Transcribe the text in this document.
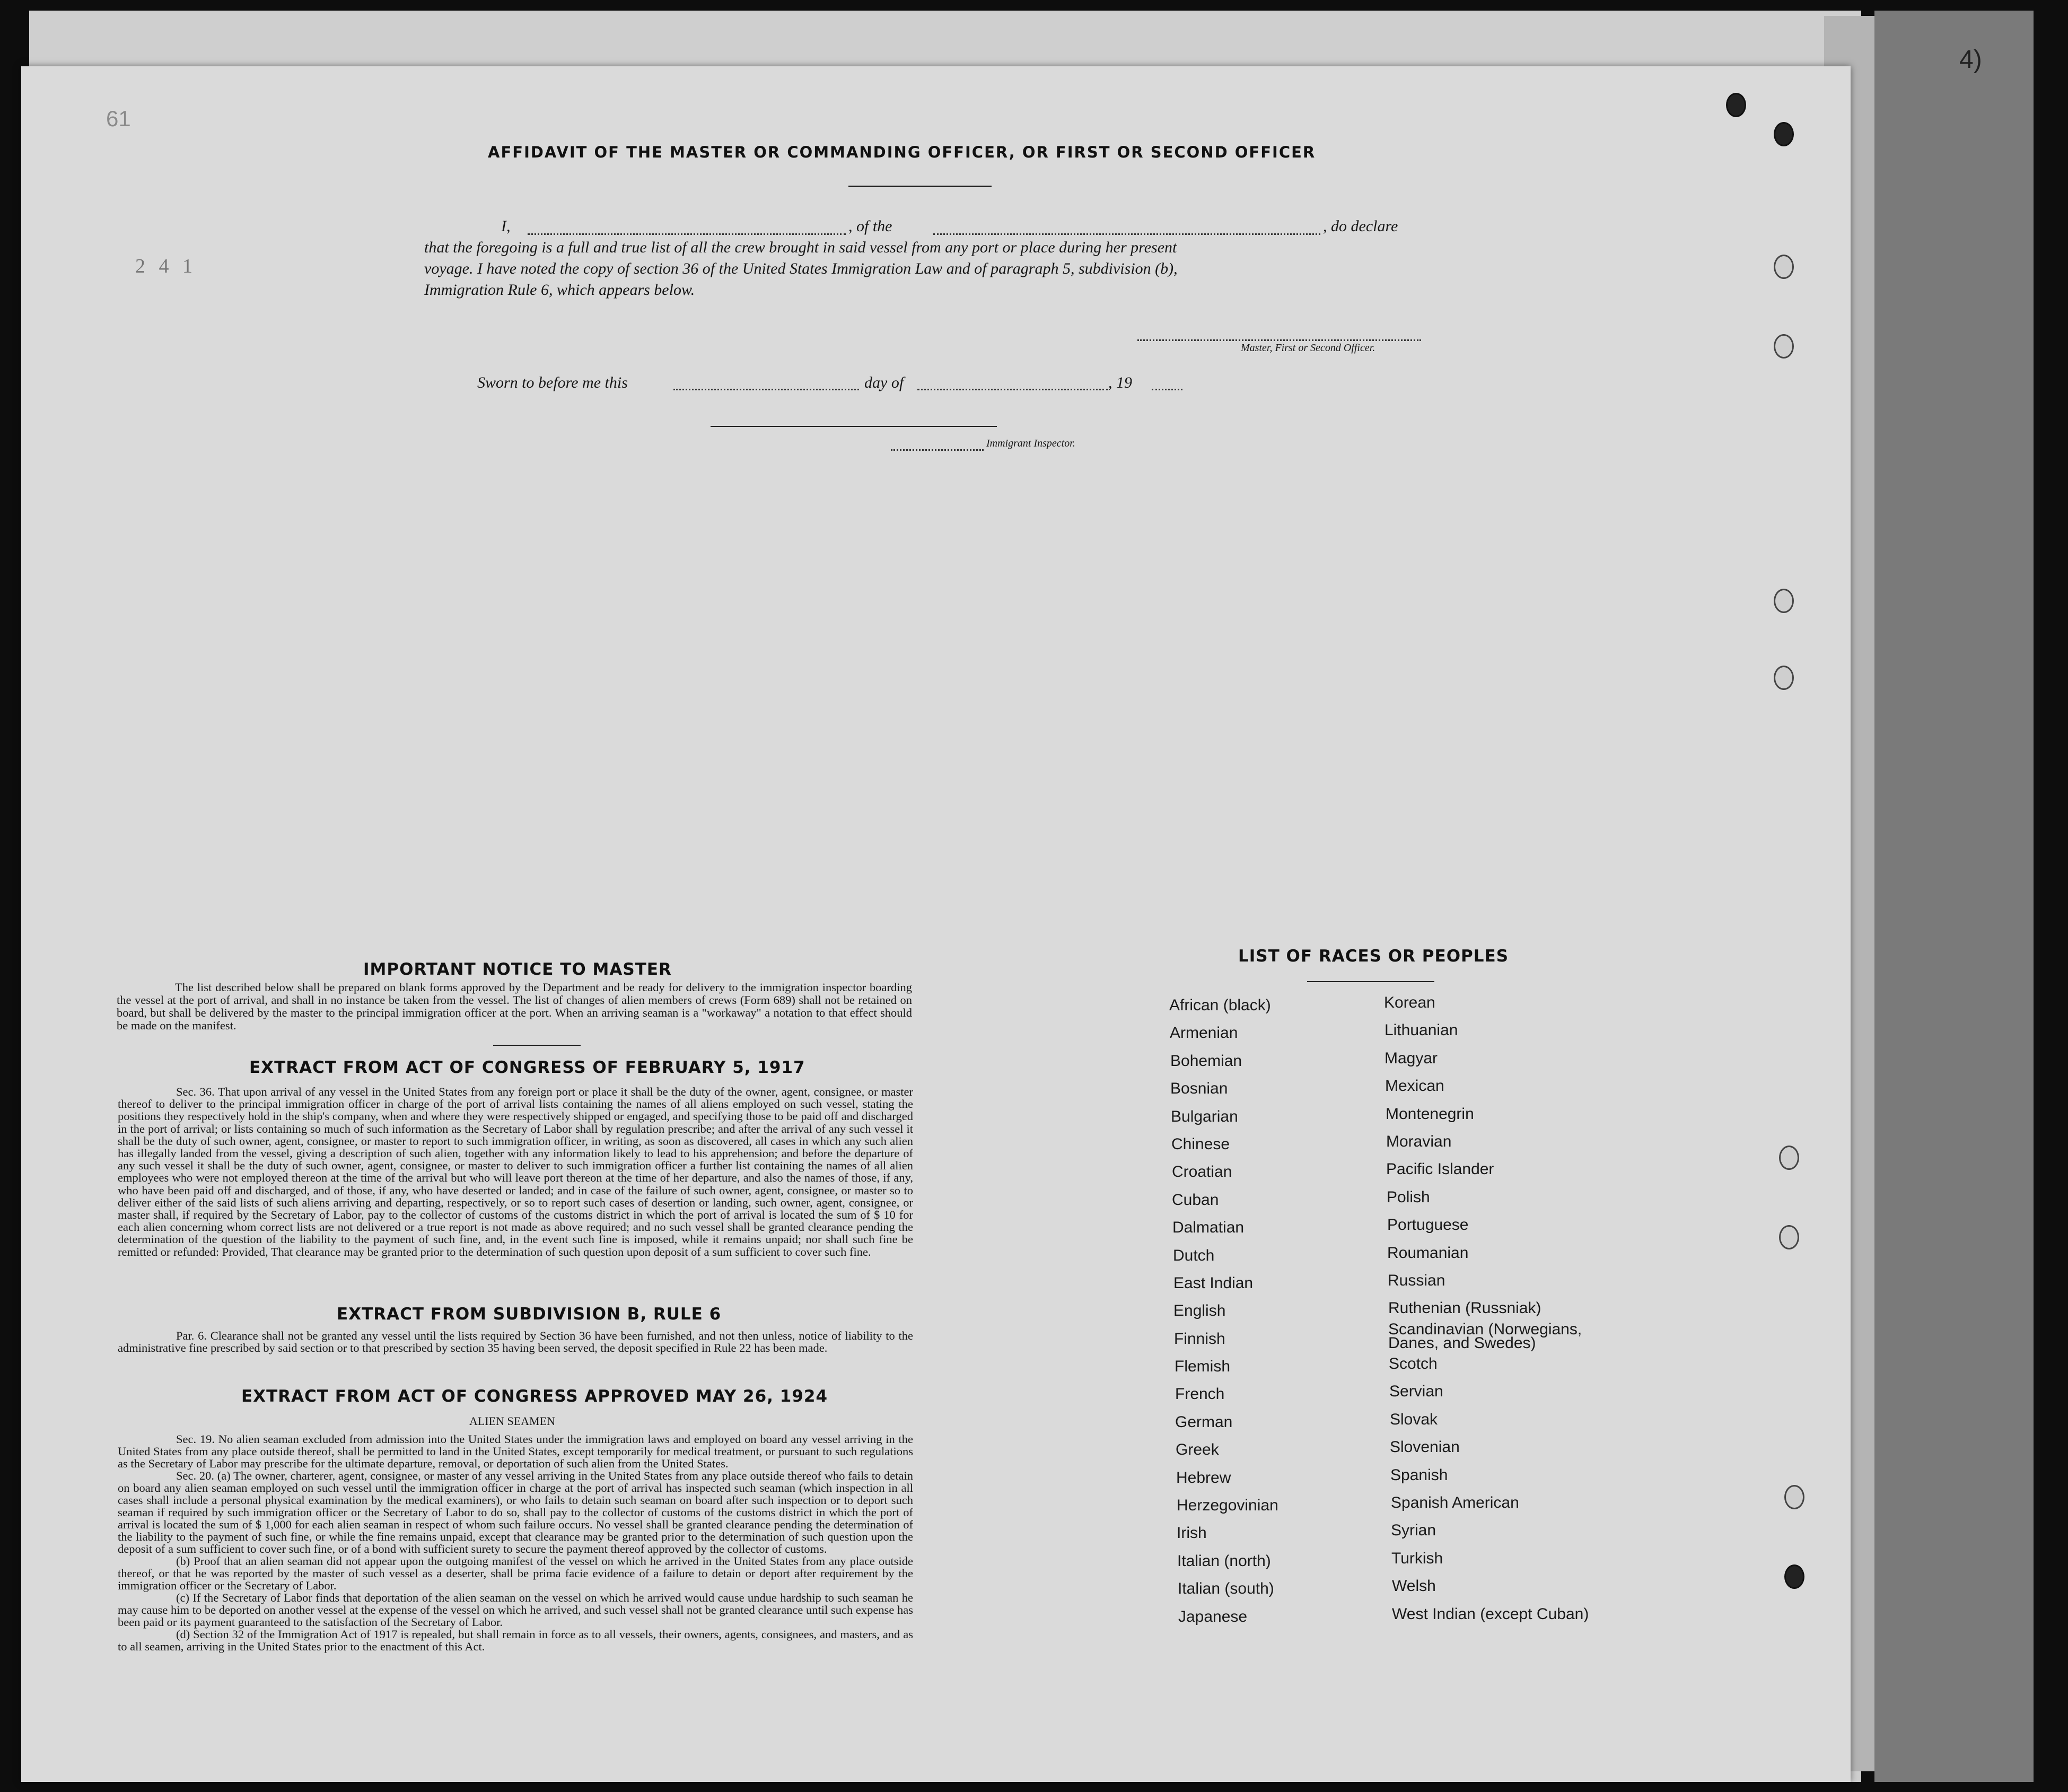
4)
61
2 4 1
AFFIDAVIT OF THE MASTER OR COMMANDING OFFICER, OR FIRST OR SECOND OFFICER
I,	, of the	, do declare
that the foregoing is a full and true list of all the crew brought in said vessel from any port or place during her present
voyage. I have noted the copy of section 36 of the United States Immigration Law and of paragraph 5, subdivision (b),
Immigration Rule 6, which appears below.
Master, First or Second Officer.
Sworn to before me this	day of	, 19
Immigrant Inspector.
IMPORTANT NOTICE TO MASTER
The list described below shall be prepared on blank forms approved by the Department and be ready for delivery to the immigration inspector boarding the vessel at the port of arrival, and shall in no instance be taken from the vessel. The list of changes of alien members of crews (Form 689) shall not be retained on board, but shall be delivered by the master to the principal immigration officer at the port. When an arriving seaman is a "workaway" a notation to that effect should be made on the manifest.
EXTRACT FROM ACT OF CONGRESS OF FEBRUARY 5, 1917
Sec. 36. That upon arrival of any vessel in the United States from any foreign port or place it shall be the duty of the owner, agent, consignee, or master thereof to deliver to the principal immigration officer in charge of the port of arrival lists containing the names of all aliens employed on such vessel, stating the positions they respectively hold in the ship's company, when and where they were respectively shipped or engaged, and specifying those to be paid off and discharged in the port of arrival; or lists containing so much of such information as the Secretary of Labor shall by regulation prescribe; and after the arrival of any such vessel it shall be the duty of such owner, agent, consignee, or master to report to such immigration officer, in writing, as soon as discovered, all cases in which any such alien has illegally landed from the vessel, giving a description of such alien, together with any information likely to lead to his apprehension; and before the departure of any such vessel it shall be the duty of such owner, agent, consignee, or master to deliver to such immigration officer a further list containing the names of all alien employees who were not employed thereon at the time of the arrival but who will leave port thereon at the time of her departure, and also the names of those, if any, who have been paid off and discharged, and of those, if any, who have deserted or landed; and in case of the failure of such owner, agent, consignee, or master so to deliver either of the said lists of such aliens arriving and departing, respectively, or so to report such cases of desertion or landing, such owner, agent, consignee, or master shall, if required by the Secretary of Labor, pay to the collector of customs of the customs district in which the port of arrival is located the sum of $ 10 for each alien concerning whom correct lists are not delivered or a true report is not made as above required; and no such vessel shall be granted clearance pending the determination of the question of the liability to the payment of such fine, and, in the event such fine is imposed, while it remains unpaid; nor shall such fine be remitted or refunded: Provided, That clearance may be granted prior to the determination of such question upon deposit of a sum sufficient to cover such fine.
EXTRACT FROM SUBDIVISION B, RULE 6
Par. 6. Clearance shall not be granted any vessel until the lists required by Section 36 have been furnished, and not then unless, notice of liability to the administrative fine prescribed by said section or to that prescribed by section 35 having been served, the deposit specified in Rule 22 has been made.
EXTRACT FROM ACT OF CONGRESS APPROVED MAY 26, 1924
ALIEN SEAMEN
Sec. 19. No alien seaman excluded from admission into the United States under the immigration laws and employed on board any vessel arriving in the United States from any place outside thereof, shall be permitted to land in the United States, except temporarily for medical treatment, or pursuant to such regulations as the Secretary of Labor may prescribe for the ultimate departure, removal, or deportation of such alien from the United States.
Sec. 20. (a) The owner, charterer, agent, consignee, or master of any vessel arriving in the United States from any place outside thereof who fails to detain on board any alien seaman employed on such vessel until the immigration officer in charge at the port of arrival has inspected such seaman (which inspection in all cases shall include a personal physical examination by the medical examiners), or who fails to detain such seaman on board after such inspection or to deport such seaman if required by such immigration officer or the Secretary of Labor to do so, shall pay to the collector of customs of the customs district in which the port of arrival is located the sum of $ 1,000 for each alien seaman in respect of whom such failure occurs. No vessel shall be granted clearance pending the determination of the liability to the payment of such fine, or while the fine remains unpaid, except that clearance may be granted prior to the determination of such question upon the deposit of a sum sufficient to cover such fine, or of a bond with sufficient surety to secure the payment thereof approved by the collector of customs.
(b) Proof that an alien seaman did not appear upon the outgoing manifest of the vessel on which he arrived in the United States from any place outside thereof, or that he was reported by the master of such vessel as a deserter, shall be prima facie evidence of a failure to detain or deport after requirement by the immigration officer or the Secretary of Labor.
(c) If the Secretary of Labor finds that deportation of the alien seaman on the vessel on which he arrived would cause undue hardship to such seaman he may cause him to be deported on another vessel at the expense of the vessel on which he arrived, and such vessel shall not be granted clearance until such expense has been paid or its payment guaranteed to the satisfaction of the Secretary of Labor.
(d) Section 32 of the Immigration Act of 1917 is repealed, but shall remain in force as to all vessels, their owners, agents, consignees, and masters, and as to all seamen, arriving in the United States prior to the enactment of this Act.
LIST OF RACES OR PEOPLES
African (black)
Armenian
Bohemian
Bosnian
Bulgarian
Chinese
Croatian
Cuban
Dalmatian
Dutch
East Indian
English
Finnish
Flemish
French
German
Greek
Hebrew
Herzegovinian
Irish
Italian (north)
Italian (south)
Japanese
Korean
Lithuanian
Magyar
Mexican
Montenegrin
Moravian
Pacific Islander
Polish
Portuguese
Roumanian
Russian
Ruthenian (Russniak)
Scandinavian (Norwegians, Danes, and Swedes)
Scotch
Servian
Slovak
Slovenian
Spanish
Spanish American
Syrian
Turkish
Welsh
West Indian (except Cuban)
